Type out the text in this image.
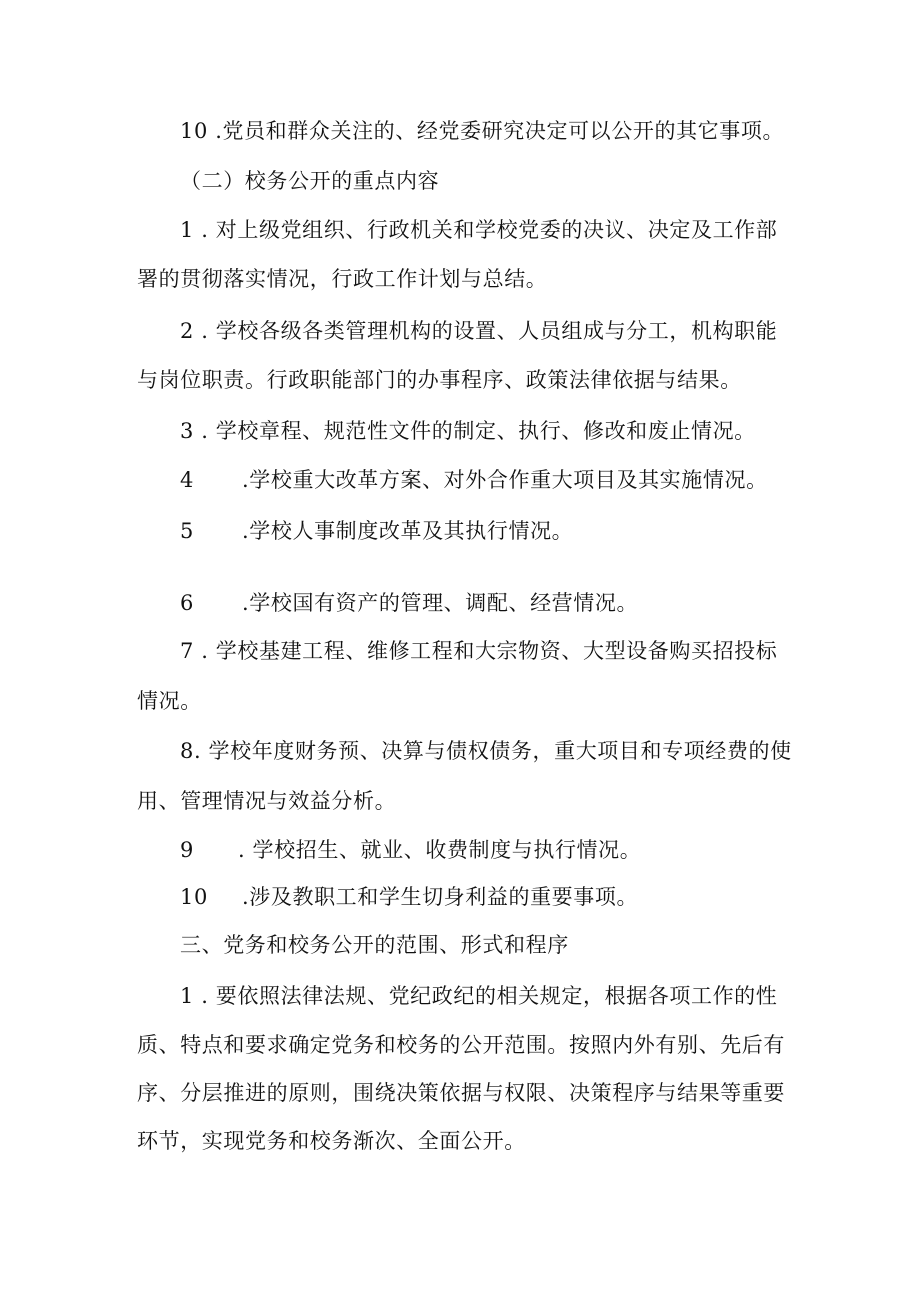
10 .党员和群众关注的、经党委研究决定可以公开的其它事项。
（二）校务公开的重点内容
1 . 对上级党组织、行政机关和学校党委的决议、决定及工作部
署的贯彻落实情况，行政工作计划与总结。
2 . 学校各级各类管理机构的设置、人员组成与分工，机构职能
与岗位职责。行政职能部门的办事程序、政策法律依据与结果。
3 . 学校章程、规范性文件的制定、执行、修改和废止情况。
4 .学校重大改革方案、对外合作重大项目及其实施情况。
5 .学校人事制度改革及其执行情况。
6 .学校国有资产的管理、调配、经营情况。
7 . 学校基建工程、维修工程和大宗物资、大型设备购买招投标
情况。
8. 学校年度财务预、决算与债权债务，重大项目和专项经费的使
用、管理情况与效益分析。
9 . 学校招生、就业、收费制度与执行情况。
10 .涉及教职工和学生切身利益的重要事项。
三、党务和校务公开的范围、形式和程序
1 . 要依照法律法规、党纪政纪的相关规定，根据各项工作的性
质、特点和要求确定党务和校务的公开范围。按照内外有别、先后有
序、分层推进的原则，围绕决策依据与权限、决策程序与结果等重要
环节，实现党务和校务渐次、全面公开。
